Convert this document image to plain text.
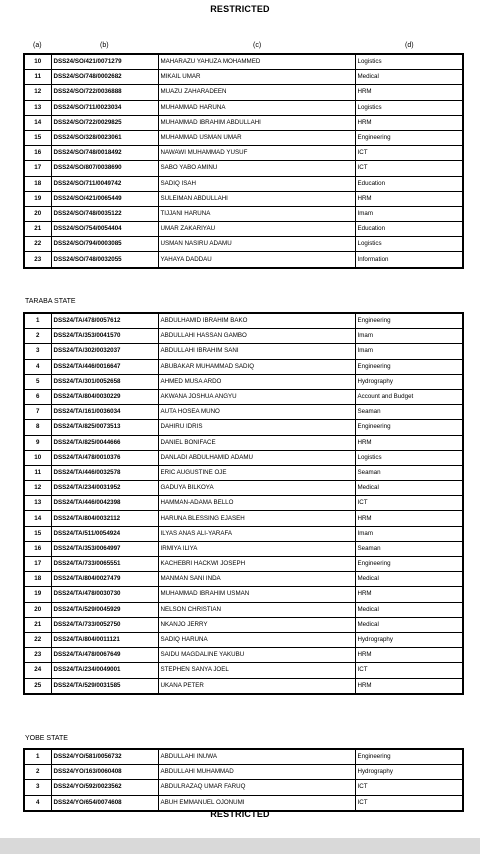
RESTRICTED
(a)	(b)	(c)	(d)
10	DSS24/SO/421/0071279	MAHARAZU YAHUZA MOHAMMED	Logistics
11	DSS24/SO/748/0002682	MIKAIL UMAR	Medical
12	DSS24/SO/722/0036888	MUAZU ZAHARADEEN	HRM
13	DSS24/SO/711/0023034	MUHAMMAD HARUNA	Logistics
14	DSS24/SO/722/0029825	MUHAMMAD IBRAHIM ABDULLAHI	HRM
15	DSS24/SO/328/0023061	MUHAMMAD USMAN UMAR	Engineering
16	DSS24/SO/748/0018492	NAWAWI MUHAMMAD YUSUF	ICT
17	DSS24/SO/807/0038690	SABO YABO AMINU	ICT
18	DSS24/SO/711/0049742	SADIQ ISAH	Education
19	DSS24/SO/421/0065449	SULEIMAN ABDULLAHI	HRM
20	DSS24/SO/748/0035122	TIJJANI HARUNA	Imam
21	DSS24/SO/754/0054404	UMAR ZAKARIYAU	Education
22	DSS24/SO/794/0003085	USMAN NASIRU ADAMU	Logistics
23	DSS24/SO/748/0032055	YAHAYA DADDAU	Information
TARABA STATE
1	DSS24/TA/478/0057612	ABDULHAMID IBRAHIM BAKO	Engineering
2	DSS24/TA/353/0041570	ABDULLAHI HASSAN GAMBO	Imam
3	DSS24/TA/302/0032037	ABDULLAHI IBRAHIM SANI	Imam
4	DSS24/TA/446/0016647	ABUBAKAR MUHAMMAD SADIQ	Engineering
5	DSS24/TA/301/0052658	AHMED MUSA ARDO	Hydrography
6	DSS24/TA/804/0030229	AKWANA JOSHUA ANGYU	Account and Budget
7	DSS24/TA/161/0036034	AUTA HOSEA MUNO	Seaman
8	DSS24/TA/825/0073513	DAHIRU IDRIS	Engineering
9	DSS24/TA/825/0044666	DANIEL BONIFACE	HRM
10	DSS24/TA/478/0010376	DANLADI ABDULHAMID ADAMU	Logistics
11	DSS24/TA/446/0032578	ERIC AUGUSTINE OJE	Seaman
12	DSS24/TA/234/0031952	GADUYA BILKOYA	Medical
13	DSS24/TA/446/0042398	HAMMAN-ADAMA BELLO	ICT
14	DSS24/TA/804/0032112	HARUNA BLESSING EJASEH	HRM
15	DSS24/TA/511/0054924	ILYAS ANAS ALI-YARAFA	Imam
16	DSS24/TA/353/0064997	IRMIYA ILIYA	Seaman
17	DSS24/TA/733/0065551	KACHEBRI HACKWI JOSEPH	Engineering
18	DSS24/TA/804/0027479	MANMAN SANI INDA	Medical
19	DSS24/TA/478/0030730	MUHAMMAD IBRAHIM USMAN	HRM
20	DSS24/TA/529/0045929	NELSON CHRISTIAN	Medical
21	DSS24/TA/733/0052750	NKANJO JERRY	Medical
22	DSS24/TA/804/0011121	SADIQ HARUNA	Hydrography
23	DSS24/TA/478/0067649	SAIDU MAGDALINE YAKUBU	HRM
24	DSS24/TA/234/0049001	STEPHEN SANYA JOEL	ICT
25	DSS24/TA/529/0031585	UKANA PETER	HRM
YOBE STATE
1	DSS24/YO/581/0056732	ABDULLAHI INUWA	Engineering
2	DSS24/YO/163/0060408	ABDULLAHI MUHAMMAD	Hydrography
3	DSS24/YO/592/0023562	ABDULRAZAQ UMAR FARUQ	ICT
4	DSS24/YO/654/0074608	ABUH EMMANUEL OJONUMI	ICT
RESTRICTED
